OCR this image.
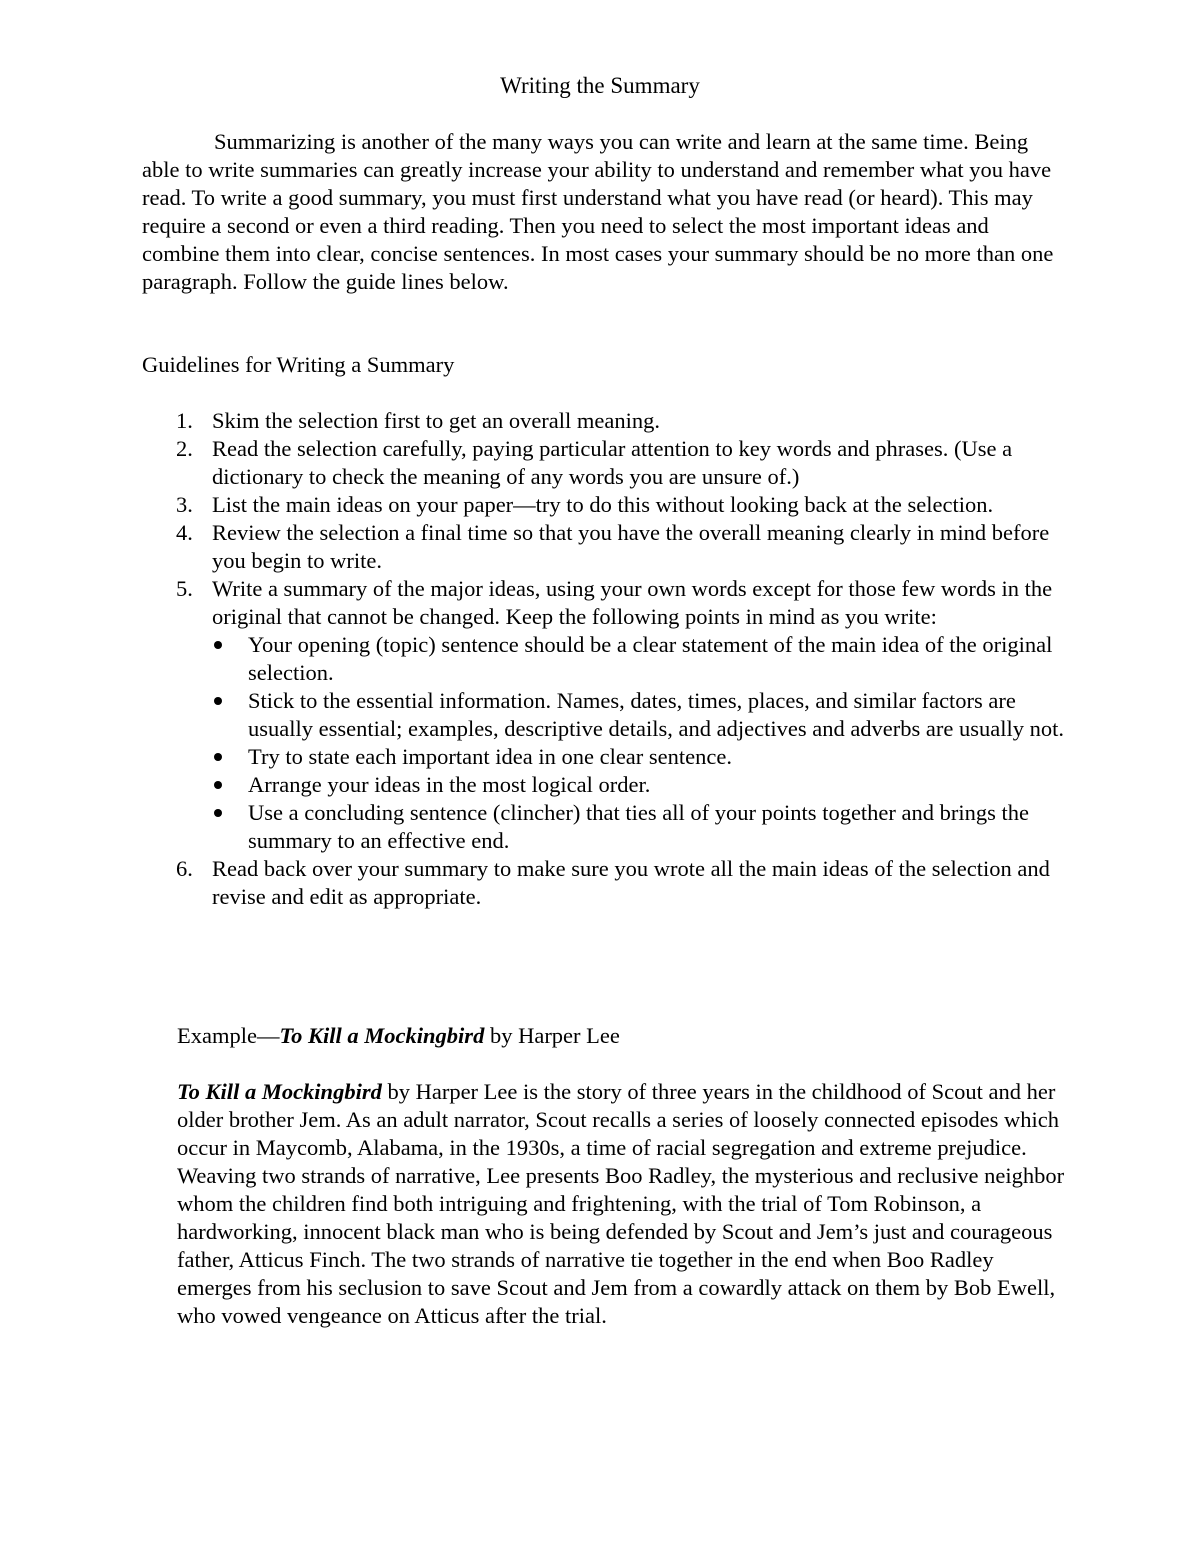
Writing the Summary

Summarizing is another of the many ways you can write and learn at the same time. Being able to write summaries can greatly increase your ability to understand and remember what you have read. To write a good summary, you must first understand what you have read (or heard). This may require a second or even a third reading. Then you need to select the most important ideas and combine them into clear, concise sentences. In most cases your summary should be no more than one paragraph. Follow the guide lines below.

Guidelines for Writing a Summary

1. Skim the selection first to get an overall meaning.
2. Read the selection carefully, paying particular attention to key words and phrases. (Use a dictionary to check the meaning of any words you are unsure of.)
3. List the main ideas on your paper—try to do this without looking back at the selection.
4. Review the selection a final time so that you have the overall meaning clearly in mind before you begin to write.
5. Write a summary of the major ideas, using your own words except for those few words in the original that cannot be changed. Keep the following points in mind as you write:
Your opening (topic) sentence should be a clear statement of the main idea of the original selection.
Stick to the essential information. Names, dates, times, places, and similar factors are usually essential; examples, descriptive details, and adjectives and adverbs are usually not.
Try to state each important idea in one clear sentence.
Arrange your ideas in the most logical order.
Use a concluding sentence (clincher) that ties all of your points together and brings the summary to an effective end.
6. Read back over your summary to make sure you wrote all the main ideas of the selection and revise and edit as appropriate.

Example—To Kill a Mockingbird by Harper Lee

To Kill a Mockingbird by Harper Lee is the story of three years in the childhood of Scout and her older brother Jem. As an adult narrator, Scout recalls a series of loosely connected episodes which occur in Maycomb, Alabama, in the 1930s, a time of racial segregation and extreme prejudice. Weaving two strands of narrative, Lee presents Boo Radley, the mysterious and reclusive neighbor whom the children find both intriguing and frightening, with the trial of Tom Robinson, a hardworking, innocent black man who is being defended by Scout and Jem’s just and courageous father, Atticus Finch. The two strands of narrative tie together in the end when Boo Radley emerges from his seclusion to save Scout and Jem from a cowardly attack on them by Bob Ewell, who vowed vengeance on Atticus after the trial.
